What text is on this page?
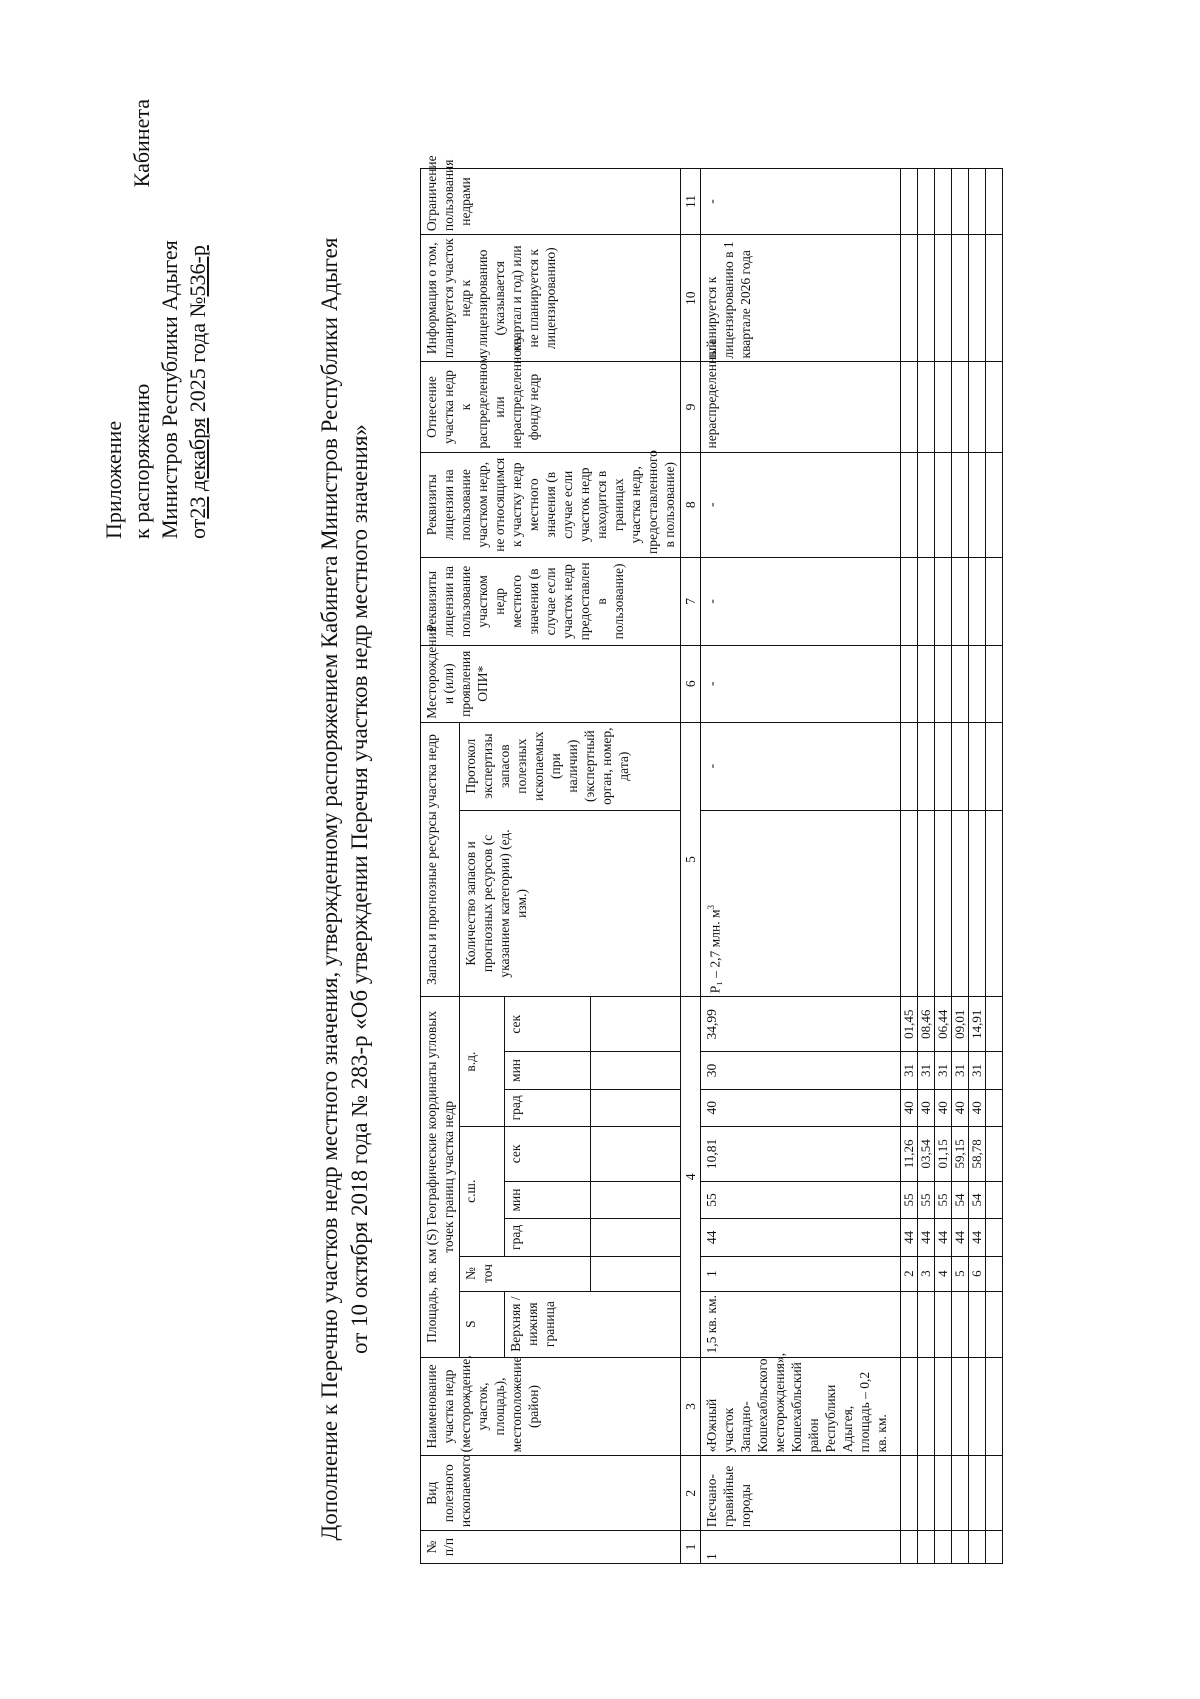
Приложение к распоряжению
Кабинета
Министров Республики Адыгея от23 декабря 2025 года №536-р	Дополнение к Перечню участков недр местного значения, утвержденному распоряжением Кабинета Министров Республики Адыгея от 10 октября 2018 года № 283-р «Об утверждении Перечня участков недр местного значения»
№ п/п	Вид полезного ископаемого	Наименование участка недр (месторождение, участок, площадь), местоположение (район)	Площадь, кв. км (S) Географические координаты угловых точек границ участка недр								Запасы и прогнозные ресурсы участка недр		Месторождения и (или) проявления ОПИ*	Реквизиты лицензии на пользование участком недр местного значения (в случае если участок недр предоставлен в пользование)	Реквизиты лицензии на пользование участком недр, не относящимся к участку недр местного значения (в случае если участок недр находится в границах участка недр, предоставленного в пользование)	Отнесение участка недр к распределенному или нераспределенному фонду недр	Информация о том, планируется участок недр к лицензированию (указывается квартал и год) или не планируется к лицензированию)	Ограничение пользования недрами
			S	№ точ	с.ш.			в.д.			Количество запасов и прогнозных ресурсов (с указанием категории) (ед. изм.)	Протокол экспертизы запасов полезных ископаемых (при наличии) (экспертный орган, номер, дата)						
			Верхняя / нижняя граница		град	мин	сек	град	мин	сек								

1	2	3	4								5		6	7	8	9	10	11
1	Песчано-гравийные породы	«Южный участок Западно-Кошехабльского месторождения», Кошехабльский район Республики Адыгея, площадь – 0,2 кв. км.	1,5 кв. км.	1	44	55	10,81	40	30	34,99	P₁ – 2,7 млн. $м^3$	-	-	-	-	нераспределенный	планируется к лицензированию в 1 квартале 2026 года	-
				2	44	55	11,26	40	31	01,45								
				3	44	55	03,54	40	31	08,46								
				4	44	55	01,15	40	31	06,44								
				5	44	54	59,15	40	31	09,01								
				6	44	54	58,78	40	31	14,91								
